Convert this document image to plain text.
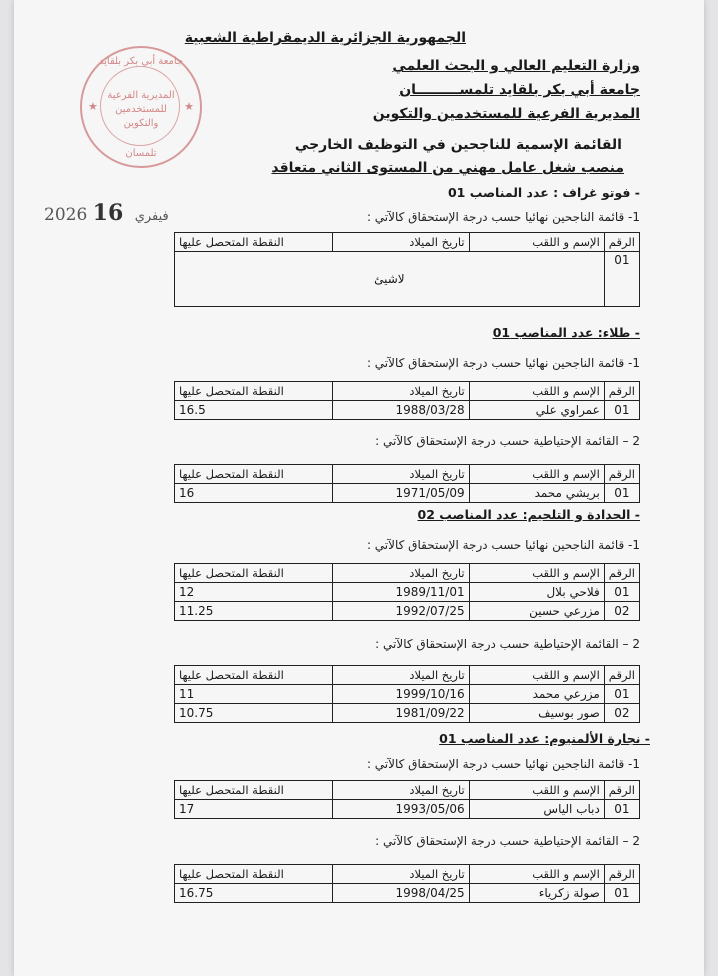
الجمهورية الجزائرية الديمقراطية الشعبية
وزارة التعليم العالي و البحث العلمي
جامعة أبي بكر بلقايد تلمســـــــــان
المديرية الفرعية للمستخدمين والتكوين
القائمة الإسمية للناجحين في التوظيف الخارجي
منصب شغل عامل مهني من المستوى الثاني متعاقد
جامعة أبي بكر بلقايد
المديرية الفرعية
للمستخدمين
والتكوين
تلمسان
★	★
2026	فيفري 16
- فوتو غراف : عدد المناصب 01
1- قائمة الناجحين نهائيا حسب درجة الإستحقاق كالآتي :
الرقم	الإسم و اللقب	تاريخ الميلاد	النقطة المتحصل عليها
01	لاشيئ		
- طلاء: عدد المناصب 01
1- قائمة الناجحين نهائيا حسب درجة الإستحقاق كالآتي :
الرقم	الإسم و اللقب	تاريخ الميلاد	النقطة المتحصل عليها
01	عمراوي علي	1988/03/28	16.5
2 – القائمة الإحتياطية حسب درجة الإستحقاق كالآتي :
الرقم	الإسم و اللقب	تاريخ الميلاد	النقطة المتحصل عليها
01	بريشي محمد	1971/05/09	16
- الحدادة و التلحيم: عدد المناصب 02
1- قائمة الناجحين نهائيا حسب درجة الإستحقاق كالآتي :
الرقم	الإسم و اللقب	تاريخ الميلاد	النقطة المتحصل عليها
01	فلاحي بلال	1989/11/01	12
02	مزرعي حسين	1992/07/25	11.25
2 – القائمة الإحتياطية حسب درجة الإستحقاق كالآتي :
الرقم	الإسم و اللقب	تاريخ الميلاد	النقطة المتحصل عليها
01	مزرعي محمد	1999/10/16	11
02	صور بوسيف	1981/09/22	10.75
- نجارة الألمنيوم: عدد المناصب 01
1- قائمة الناجحين نهائيا حسب درجة الإستحقاق كالآتي :
الرقم	الإسم و اللقب	تاريخ الميلاد	النقطة المتحصل عليها
01	دباب الياس	1993/05/06	17
2 – القائمة الإحتياطية حسب درجة الإستحقاق كالآتي :
الرقم	الإسم و اللقب	تاريخ الميلاد	النقطة المتحصل عليها
01	صولة زكرياء	1998/04/25	16.75
